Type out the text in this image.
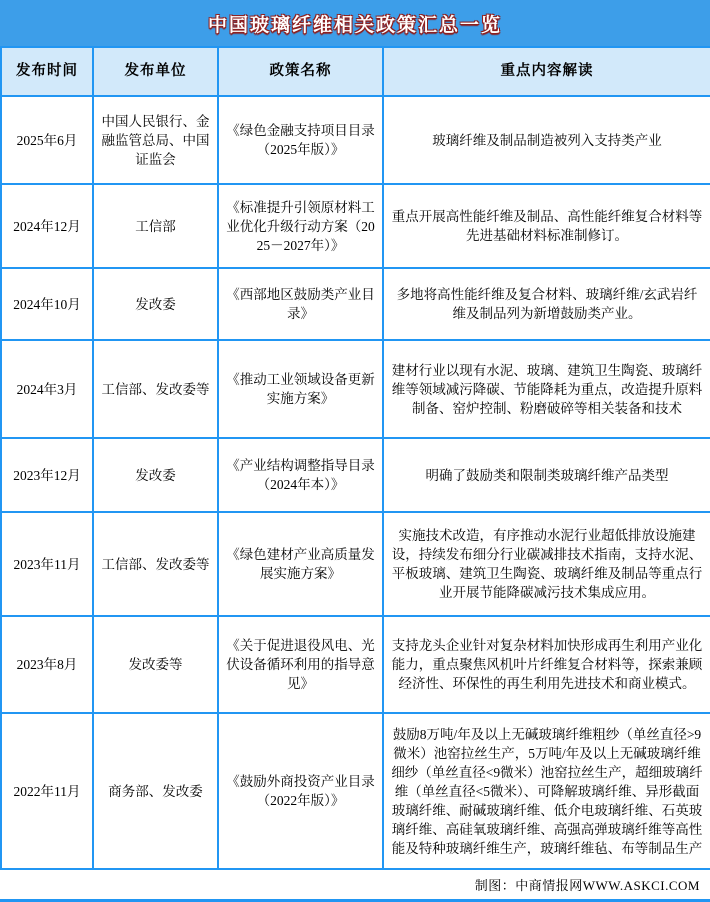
中国玻璃纤维相关政策汇总一览
发布时间	发布单位	政策名称	重点内容解读
2025年6月	中国人民银行、金融监管总局、中国证监会	《绿色金融支持项目目录（2025年版）》	玻璃纤维及制品制造被列入支持类产业
2024年12月	工信部	《标准提升引领原材料工业优化升级行动方案（2025－2027年）》	重点开展高性能纤维及制品、高性能纤维复合材料等先进基础材料标准制修订。
2024年10月	发改委	《西部地区鼓励类产业目录》	多地将高性能纤维及复合材料、玻璃纤维/玄武岩纤维及制品列为新增鼓励类产业。
2024年3月	工信部、发改委等	《推动工业领域设备更新实施方案》	建材行业以现有水泥、玻璃、建筑卫生陶瓷、玻璃纤维等领域减污降碳、节能降耗为重点，改造提升原料制备、窑炉控制、粉磨破碎等相关装备和技术
2023年12月	发改委	《产业结构调整指导目录（2024年本）》	明确了鼓励类和限制类玻璃纤维产品类型
2023年11月	工信部、发改委等	《绿色建材产业高质量发展实施方案》	实施技术改造，有序推动水泥行业超低排放设施建设，持续发布细分行业碳减排技术指南，支持水泥、平板玻璃、建筑卫生陶瓷、玻璃纤维及制品等重点行业开展节能降碳减污技术集成应用。
2023年8月	发改委等	《关于促进退役风电、光伏设备循环利用的指导意见》	支持龙头企业针对复杂材料加快形成再生利用产业化能力，重点聚焦风机叶片纤维复合材料等，探索兼顾经济性、环保性的再生利用先进技术和商业模式。
2022年11月	商务部、发改委	《鼓励外商投资产业目录（2022年版）》	鼓励8万吨/年及以上无碱玻璃纤维粗纱（单丝直径>9微米）池窑拉丝生产，5万吨/年及以上无碱玻璃纤维细纱（单丝直径<9微米）池窑拉丝生产，超细玻璃纤维（单丝直径<5微米）、可降解玻璃纤维、异形截面玻璃纤维、耐碱玻璃纤维、低介电玻璃纤维、石英玻璃纤维、高硅氧玻璃纤维、高强高弹玻璃纤维等高性能及特种玻璃纤维生产，玻璃纤维毡、布等制品生产
制图：中商情报网WWW.ASKCI.COM
